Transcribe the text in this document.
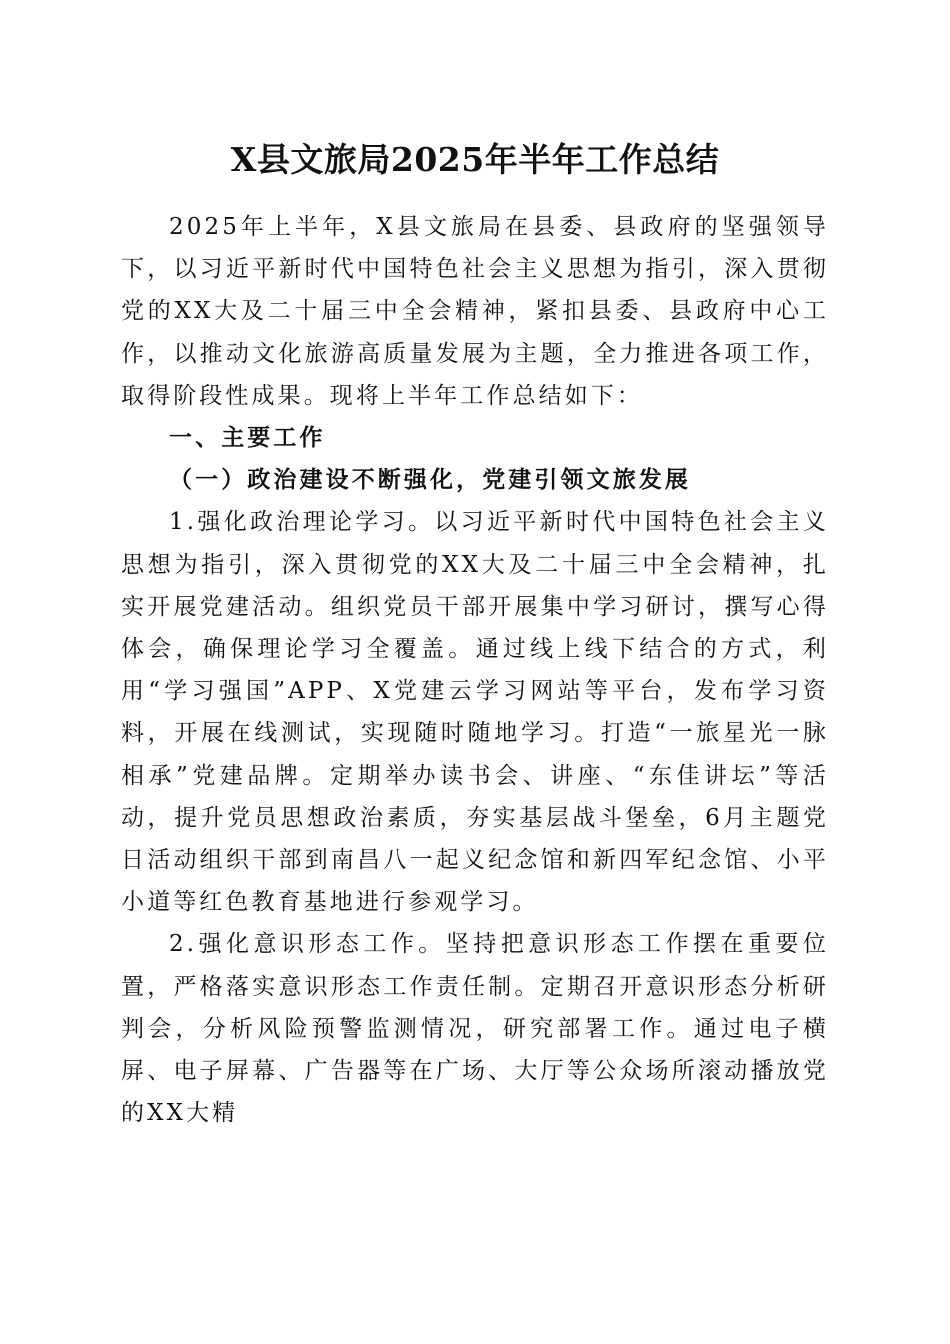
X县文旅局2025年半年工作总结

2025年上半年，X县文旅局在县委、县政府的坚强领导下，以习近平新时代中国特色社会主义思想为指引，深入贯彻党的XX大及二十届三中全会精神，紧扣县委、县政府中心工作，以推动文化旅游高质量发展为主题，全力推进各项工作，取得阶段性成果。现将上半年工作总结如下：

一、主要工作

（一）政治建设不断强化，党建引领文旅发展

1.强化政治理论学习。以习近平新时代中国特色社会主义思想为指引，深入贯彻党的XX大及二十届三中全会精神，扎实开展党建活动。组织党员干部开展集中学习研讨，撰写心得体会，确保理论学习全覆盖。通过线上线下结合的方式，利用“学习强国”APP、X党建云学习网站等平台，发布学习资料，开展在线测试，实现随时随地学习。打造“一旅星光一脉相承”党建品牌。定期举办读书会、讲座、“东佳讲坛”等活动，提升党员思想政治素质，夯实基层战斗堡垒，6月主题党日活动组织干部到南昌八一起义纪念馆和新四军纪念馆、小平小道等红色教育基地进行参观学习。

2.强化意识形态工作。坚持把意识形态工作摆在重要位置，严格落实意识形态工作责任制。定期召开意识形态分析研判会，分析风险预警监测情况，研究部署工作。通过电子横屏、电子屏幕、广告器等在广场、大厅等公众场所滚动播放党的XX大精
